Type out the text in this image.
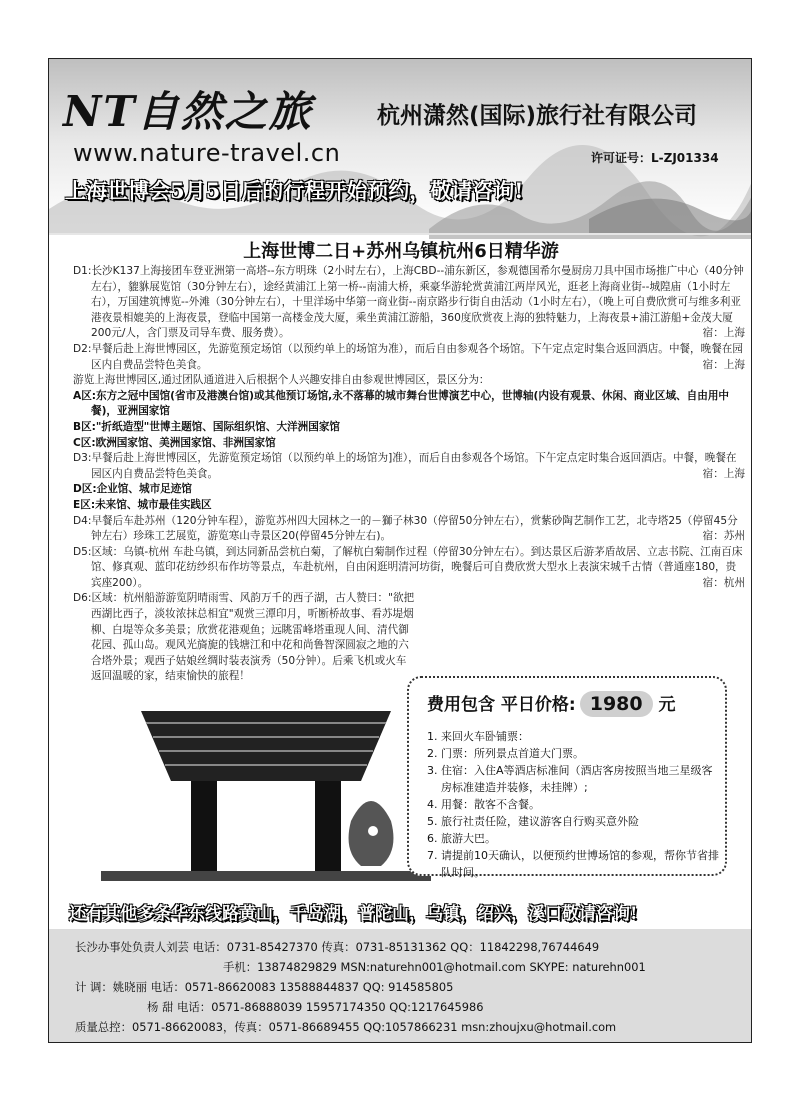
NT自然之旅	杭州潇然(国际)旅行社有限公司
www.nature-travel.cn	许可证号：L-ZJ01334
上海世博会5月5日后的行程开始预约，敬请咨询!
上海世博二日+苏州乌镇杭州6日精华游

D1:长沙K137上海接团车登亚洲第一高塔--东方明珠（2小时左右），上海CBD--浦东新区，参观德国希尔曼厨房刀具中国市场推广中心（40分钟左右），貔貅展览馆（30分钟左右），途经黄浦江上第一桥--南浦大桥，乘豪华游轮赏黄浦江两岸风光，逛老上海商业街--城隍庙（1小时左右），万国建筑博览--外滩（30分钟左右），十里洋场中华第一商业街--南京路步行街自由活动（1小时左右），（晚上可自费欣赏可与维多利亚港夜景相媲美的上海夜景，登临中国第一高楼金茂大厦，乘坐黄浦江游船，360度欣赏夜上海的独特魅力，上海夜景+浦江游船+金茂大厦200元/人，含门票及司导车费、服务费）。	宿：上海

D2:早餐后赴上海世博园区，先游览预定场馆（以预约单上的场馆为准），而后自由参观各个场馆。下午定点定时集合返回酒店。中餐，晚餐在园区内自费品尝特色美食。	宿：上海

游览上海世博园区,通过团队通道进入后根据个人兴趣安排自由参观世博园区，景区分为：

A区:东方之冠中国馆(省市及港澳台馆)或其他预订场馆,永不落幕的城市舞台世博演艺中心，世博轴(内设有观景、休闲、商业区域、自由用中餐)，亚洲国家馆

B区:"折纸造型"世博主题馆、国际组织馆、大洋洲国家馆

C区:欧洲国家馆、美洲国家馆、非洲国家馆

D3:早餐后赴上海世博园区，先游览预定场馆（以预约单上的场馆为]准），而后自由参观各个场馆。下午定点定时集合返回酒店。中餐，晚餐在园区内自费品尝特色美食。	宿：上海

D区:企业馆、城市足迹馆

E区:未来馆、城市最佳实践区

D4:早餐后车赴苏州（120分钟车程），游览苏州四大园林之一的－獅子林30（停留50分钟左右），赏紫砂陶艺制作工艺，北寺塔25（停留45分钟左右）珍珠工艺展览，游览寒山寺景区20(停留45分钟左右)。	宿：苏州

D5:区域：乌镇-杭州 车赴乌镇，到达同新品尝杭白菊，了解杭白菊制作过程（停留30分钟左右）。到达景区后游茅盾故居、立志书院、江南百床馆、修真观、蓝印花纺纱织布作坊等景点，车赴杭州，自由闲逛明清河坊街，晚餐后可自费欣赏大型水上表演宋城千古情（普通座180，贵宾座200）。	宿：杭州

D6:区域：杭州船游游览阴晴雨雪、风韵万千的西子湖，古人赞曰："欲把西湖比西子，淡妆浓抹总相宜"观赏三潭印月，听断桥故事、看苏堤烟柳、白堤等众多美景；欣赏花港观鱼；远眺雷峰塔重现人间、清代御花园、孤山岛。观风光旖旎的钱塘江和中花和尚鲁智深圆寂之地的六合塔外景；观西子姑娘丝绸时装表演秀（50分钟）。后乘飞机或火车返回温暖的家，结束愉快的旅程！

费用包含 平日价格: 1980 元
1. 来回火车卧铺票：
2. 门票：所列景点首道大门票。
3. 住宿：入住A等酒店标准间（酒店客房按照当地三星级客房标准建造并装修，未挂牌）;
4. 用餐：散客不含餐。
5. 旅行社责任险，建议游客自行购买意外险
6. 旅游大巴。
7. 请提前10天确认，以便预约世博场馆的参观，帮你节省排队时间。
还有其他多条华东线路黄山，千岛湖，普陀山，乌镇，绍兴，溪口敬请咨询!
长沙办事处负责人刘芸 电话：0731-85427370 传真：0731-85131362 QQ：11842298,76744649
手机：13874829829 MSN:naturehn001@hotmail.com SKYPE: naturehn001
计 调：姚晓丽 电话：0571-86620083 13588844837 QQ: 914585805
杨 甜 电话：0571-86888039 15957174350 QQ:1217645986
质量总控：0571-86620083，传真：0571-86689455 QQ:1057866231 msn:zhoujxu@hotmail.com
